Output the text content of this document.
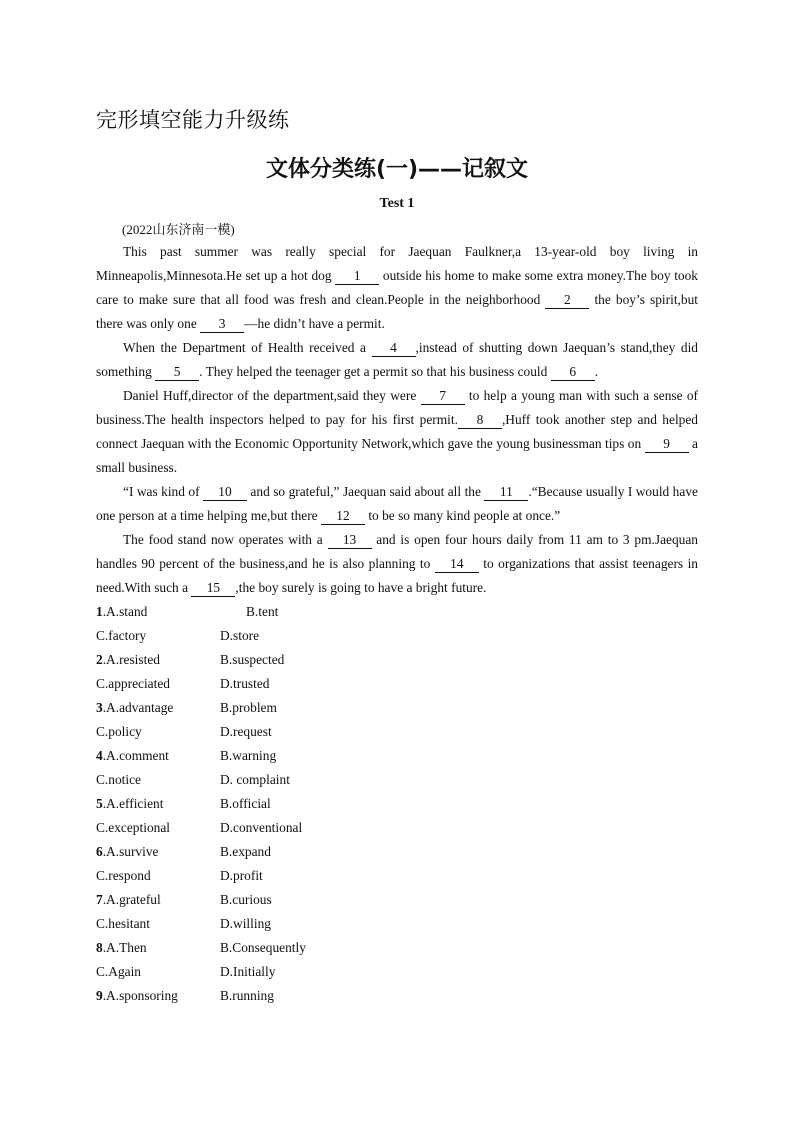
完形填空能力升级练
文体分类练(一)——记叙文
Test 1
(2022山东济南一模)

This past summer was really special for Jaequan Faulkner,a 13-year-old boy living in Minneapolis,Minnesota.He set up a hot dog 1 outside his home to make some extra money.The boy took care to make sure that all food was fresh and clean.People in the neighborhood 2 the boy’s spirit,but there was only one 3 —he didn’t have a permit.

When the Department of Health received a 4 ,instead of shutting down Jaequan’s stand,they did something 5 . They helped the teenager get a permit so that his business could 6 .

Daniel Huff,director of the department,said they were 7 to help a young man with such a sense of business.The health inspectors helped to pay for his first permit. 8 ,Huff took another step and helped connect Jaequan with the Economic Opportunity Network,which gave the young businessman tips on 9 a small business.

“I was kind of 10 and so grateful,” Jaequan said about all the 11 .“Because usually I would have one person at a time helping me,but there 12 to be so many kind people at once.”

The food stand now operates with a 13 and is open four hours daily from 11 am to 3 pm.Jaequan handles 90 percent of the business,and he is also planning to 14 to organizations that assist teenagers in need.With such a 15 ,the boy surely is going to have a bright future.

1.A.stand	B.tent
C.factory	D.store
2.A.resisted	B.suspected
C.appreciated	D.trusted
3.A.advantage	B.problem
C.policy	D.request
4.A.comment	B.warning
C.notice	D. complaint
5.A.efficient	B.official
C.exceptional	D.conventional
6.A.survive	B.expand
C.respond	D.profit
7.A.grateful	B.curious
C.hesitant	D.willing
8.A.Then	B.Consequently
C.Again	D.Initially
9.A.sponsoring	B.running
